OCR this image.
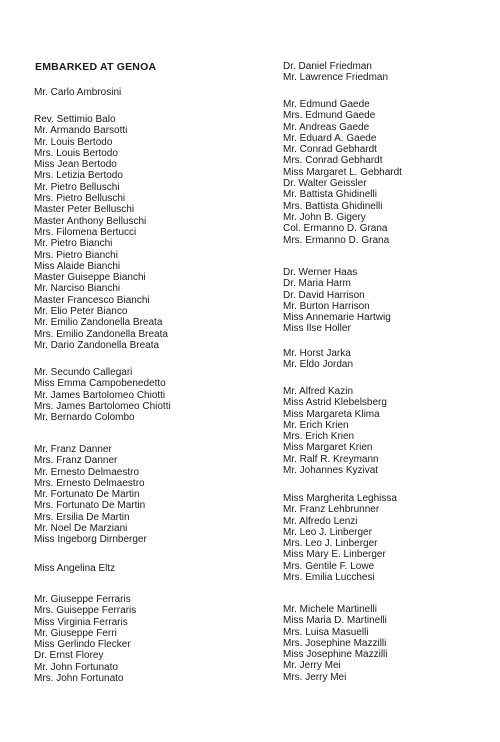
EMBARKED AT GENOA
Mr. Carlo Ambrosini
Rev. Settimio Balo
Mr. Armando Barsotti
Mr. Louis Bertodo
Mrs. Louis Bertodo
Miss Jean Bertodo
Mrs. Letizia Bertodo
Mr. Pietro Belluschi
Mrs. Pietro Belluschi
Master Peter Belluschi
Master Anthony Belluschi
Mrs. Filomena Bertucci
Mr. Pietro Bianchi
Mrs. Pietro Bianchi
Miss Alaide Bianchi
Master Guiseppe Bianchi
Mr. Narciso Bianchi
Master Francesco Bianchi
Mr. Elio Peter Bianco
Mr. Emilio Zandonella Breata
Mrs. Emilio Zandonella Breata
Mr. Dario Zandonella Breata
Mr. Secundo Callegari
Miss Emma Campobenedetto
Mr. James Bartolomeo Chiotti
Mrs. James Bartolomeo Chiotti
Mr. Bernardo Colombo
Mr. Franz Danner
Mrs. Franz Danner
Mr. Ernesto Delmaestro
Mrs. Ernesto Delmaestro
Mr. Fortunato De Martin
Mrs. Fortunato De Martin
Mrs. Ersilia De Martin
Mr. Noel De Marziani
Miss Ingeborg Dirnberger
Miss Angelina Eltz
Mr. Giuseppe Ferraris
Mrs. Guiseppe Ferraris
Miss Virginia Ferraris
Mr. Giuseppe Ferri
Miss Gerlindo Flecker
Dr. Ernst Florey
Mr. John Fortunato
Mrs. John Fortunato
Dr. Daniel Friedman
Mr. Lawrence Friedman
Mr. Edmund Gaede
Mrs. Edmund Gaede
Mr. Andreas Gaede
Mr. Eduard A. Gaede
Mr. Conrad Gebhardt
Mrs. Conrad Gebhardt
Miss Margaret L. Gebhardt
Dr. Walter Geissler
Mr. Battista Ghidinelli
Mrs. Battista Ghidinelli
Mr. John B. Gigery
Col. Ermanno D. Grana
Mrs. Ermanno D. Grana
Dr. Werner Haas
Dr. Maria Harm
Dr. David Harrison
Mr. Burton Harrison
Miss Annemarie Hartwig
Miss Ilse Holler
Mr. Horst Jarka
Mr. Eldo Jordan
Mr. Alfred Kazin
Miss Astrid Klebelsberg
Miss Margareta Klima
Mr. Erich Krien
Mrs. Erich Krien
Miss Margaret Krien
Mr. Ralf R. Kreymann
Mr. Johannes Kyzivat
Miss Margherita Leghissa
Mr. Franz Lehbrunner
Mr. Alfredo Lenzi
Mr. Leo J. Linberger
Mrs. Leo J. Linberger
Miss Mary E. Linberger
Mrs. Gentile F. Lowe
Mrs. Emilia Lucchesi
Mr. Michele Martinelli
Miss Maria D. Martinelli
Mrs. Luisa Masuelli
Mrs. Josephine Mazzilli
Miss Josephine Mazzilli
Mr. Jerry Mei
Mrs. Jerry Mei
